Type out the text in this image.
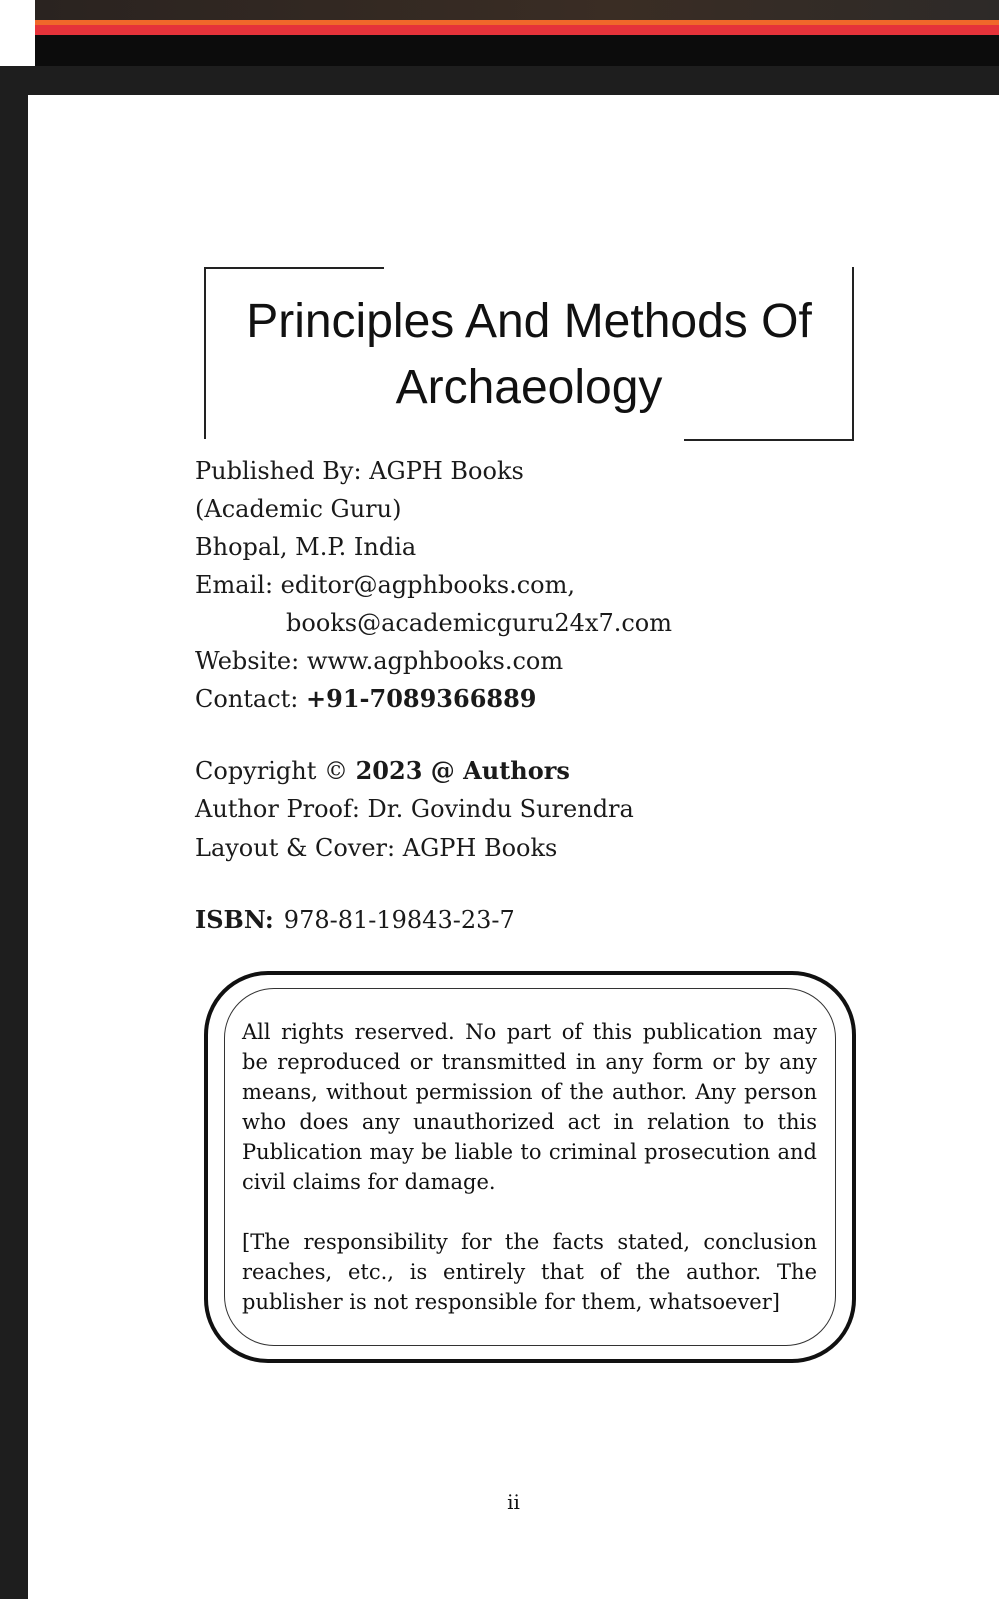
Principles And Methods Of
Archaeology
Published By: AGPH Books
(Academic Guru)
Bhopal, M.P. India
Email: editor@agphbooks.com,
books@academicguru24x7.com
Website: www.agphbooks.com
Contact: +91-7089366889
Copyright © 2023 @ Authors
Author Proof: Dr. Govindu Surendra
Layout & Cover: AGPH Books
ISBN: 978-81-19843-23-7

All rights reserved. No part of this publication may be reproduced or transmitted in any form or by any means, without permission of the author. Any person who does any unauthorized act in relation to this Publication may be liable to criminal prosecution and civil claims for damage.

[The responsibility for the facts stated, conclusion reaches, etc., is entirely that of the author. The publisher is not responsible for them, whatsoever]

ii
